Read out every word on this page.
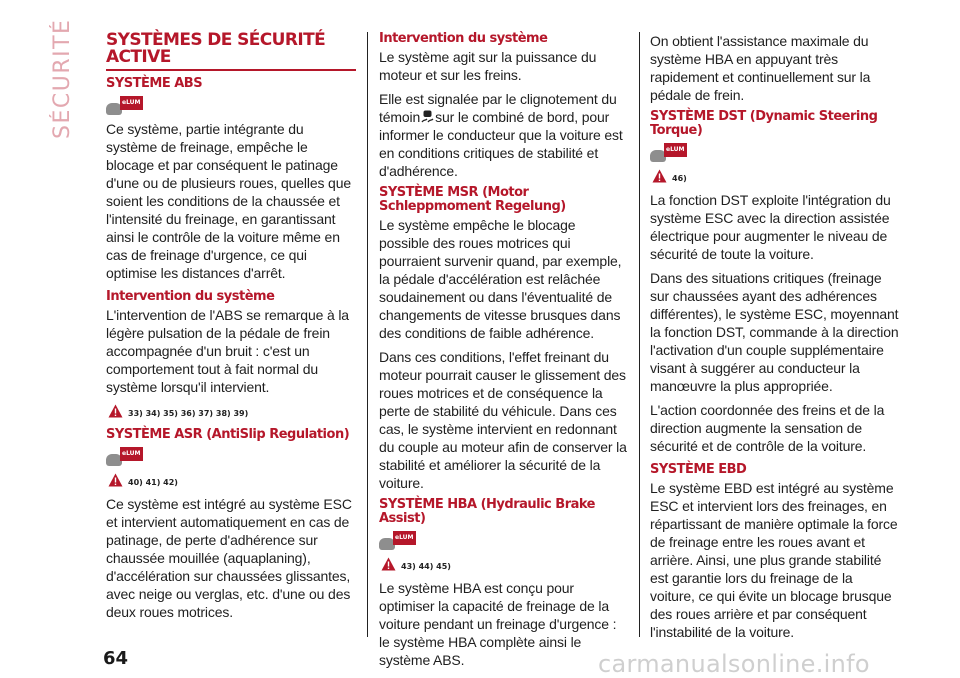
SÉCURITÉ SYSTÈMES DE SÉCURITÉ ACTIVE
SYSTÈME ABS
eLUM

Ce système, partie intégrante du système de freinage, empêche le blocage et par conséquent le patinage d'une ou de plusieurs roues, quelles que soient les conditions de la chaussée et l'intensité du freinage, en garantissant ainsi le contrôle de la voiture même en cas de freinage d'urgence, ce qui optimise les distances d'arrêt.

Intervention du système

L'intervention de l'ABS se remarque à la légère pulsation de la pédale de frein accompagnée d'un bruit : c'est un comportement tout à fait normal du système lorsqu'il intervient.

33) 34) 35) 36) 37) 38) 39)
SYSTÈME ASR (AntiSlip Regulation)
eLUM
40) 41) 42)

Ce système est intégré au système ESC et intervient automatiquement en cas de patinage, de perte d'adhérence sur chaussée mouillée (aquaplaning), d'accélération sur chaussées glissantes, avec neige ou verglas, etc. d'une ou des deux roues motrices.

Intervention du système

Le système agit sur la puissance du moteur et sur les freins.

Elle est signalée par le clignotement du témoin sur le combiné de bord, pour informer le conducteur que la voiture est en conditions critiques de stabilité et d'adhérence.

SYSTÈME MSR (Motor Schleppmoment Regelung)

Le système empêche le blocage possible des roues motrices qui pourraient survenir quand, par exemple, la pédale d'accélération est relâchée soudainement ou dans l'éventualité de changements de vitesse brusques dans des conditions de faible adhérence.

Dans ces conditions, l'effet freinant du moteur pourrait causer le glissement des roues motrices et de conséquence la perte de stabilité du véhicule. Dans ces cas, le système intervient en redonnant du couple au moteur afin de conserver la stabilité et améliorer la sécurité de la voiture.

SYSTÈME HBA (Hydraulic Brake Assist)
eLUM
43) 44) 45)

Le système HBA est conçu pour optimiser la capacité de freinage de la voiture pendant un freinage d'urgence : le système HBA complète ainsi le système ABS.

On obtient l'assistance maximale du système HBA en appuyant très rapidement et continuellement sur la pédale de frein.

SYSTÈME DST (Dynamic Steering Torque)
eLUM
46)

La fonction DST exploite l'intégration du système ESC avec la direction assistée électrique pour augmenter le niveau de sécurité de toute la voiture.

Dans des situations critiques (freinage sur chaussées ayant des adhérences différentes), le système ESC, moyennant la fonction DST, commande à la direction l'activation d'un couple supplémentaire visant à suggérer au conducteur la manœuvre la plus appropriée.

L'action coordonnée des freins et de la direction augmente la sensation de sécurité et de contrôle de la voiture.

SYSTÈME EBD

Le système EBD est intégré au système ESC et intervient lors des freinages, en répartissant de manière optimale la force de freinage entre les roues avant et arrière. Ainsi, une plus grande stabilité est garantie lors du freinage de la voiture, ce qui évite un blocage brusque des roues arrière et par conséquent l'instabilité de la voiture.

64	carmanualsonline.info
